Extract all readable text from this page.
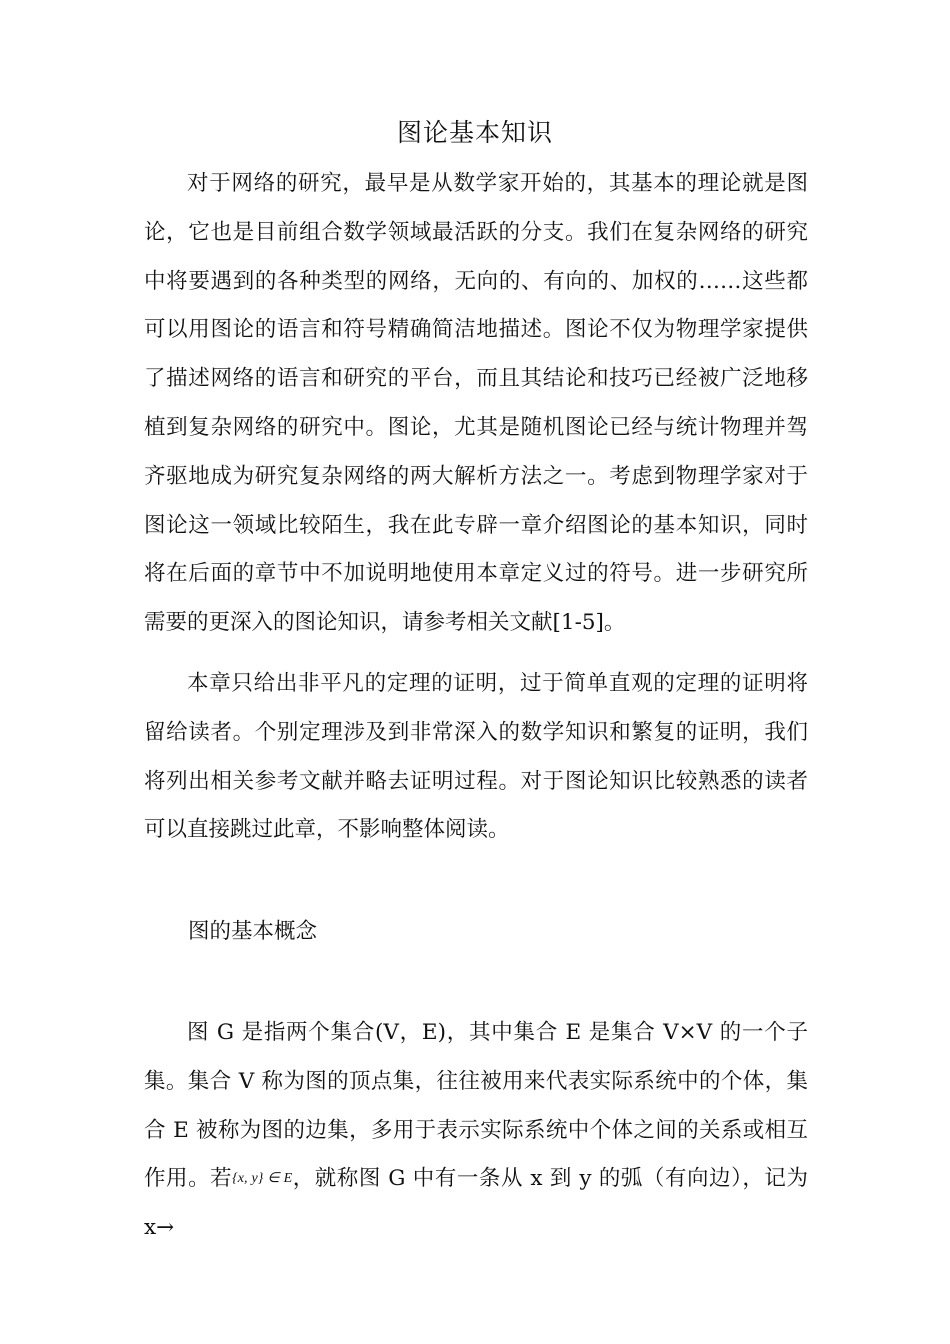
图论基本知识

对于网络的研究，最早是从数学家开始的，其基本的理论就是图论，它也是目前组合数学领域最活跃的分支。我们在复杂网络的研究中将要遇到的各种类型的网络，无向的、有向的、加权的……这些都可以用图论的语言和符号精确简洁地描述。图论不仅为物理学家提供了描述网络的语言和研究的平台，而且其结论和技巧已经被广泛地移植到复杂网络的研究中。图论，尤其是随机图论已经与统计物理并驾齐驱地成为研究复杂网络的两大解析方法之一。考虑到物理学家对于图论这一领域比较陌生，我在此专辟一章介绍图论的基本知识，同时将在后面的章节中不加说明地使用本章定义过的符号。进一步研究所需要的更深入的图论知识，请参考相关文献[1-5]。

本章只给出非平凡的定理的证明，过于简单直观的定理的证明将留给读者。个别定理涉及到非常深入的数学知识和繁复的证明，我们将列出相关参考文献并略去证明过程。对于图论知识比较熟悉的读者可以直接跳过此章，不影响整体阅读。

图的基本概念

图 G 是指两个集合(V，E)，其中集合 E 是集合 V×V 的一个子集。集合 V 称为图的顶点集，往往被用来代表实际系统中的个体，集合 E 被称为图的边集，多用于表示实际系统中个体之间的关系或相互作用。若{x, y} ∈ E，就称图 G 中有一条从 x 到 y 的弧（有向边），记为 x→
